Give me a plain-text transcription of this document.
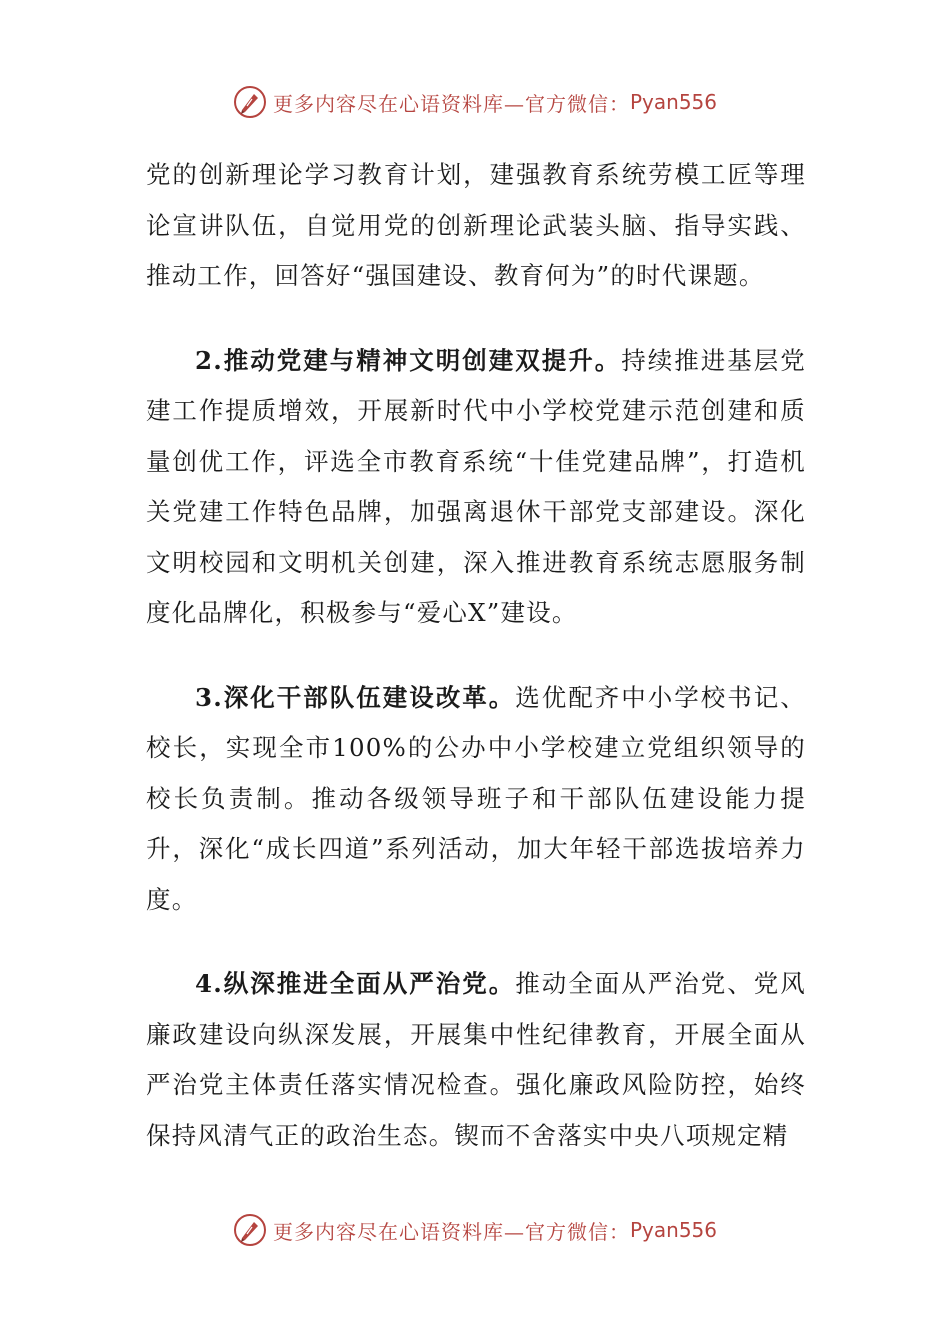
更多内容尽在心语资料库—官方微信： Pyan556

党的创新理论学习教育计划，建强教育系统劳模工匠等理论宣讲队伍，自觉用党的创新理论武装头脑、指导实践、推动工作，回答好“强国建设、教育何为”的时代课题。

2.推动党建与精神文明创建双提升。持续推进基层党建工作提质增效，开展新时代中小学校党建示范创建和质量创优工作，评选全市教育系统“十佳党建品牌”，打造机关党建工作特色品牌，加强离退休干部党支部建设。深化文明校园和文明机关创建，深入推进教育系统志愿服务制度化品牌化，积极参与“爱心X”建设。

3.深化干部队伍建设改革。选优配齐中小学校书记、校长，实现全市100%的公办中小学校建立党组织领导的校长负责制。推动各级领导班子和干部队伍建设能力提升，深化“成长四道”系列活动，加大年轻干部选拔培养力度。

4.纵深推进全面从严治党。推动全面从严治党、党风廉政建设向纵深发展，开展集中性纪律教育，开展全面从严治党主体责任落实情况检查。强化廉政风险防控，始终保持风清气正的政治生态。锲而不舍落实中央八项规定精

更多内容尽在心语资料库—官方微信： Pyan556
